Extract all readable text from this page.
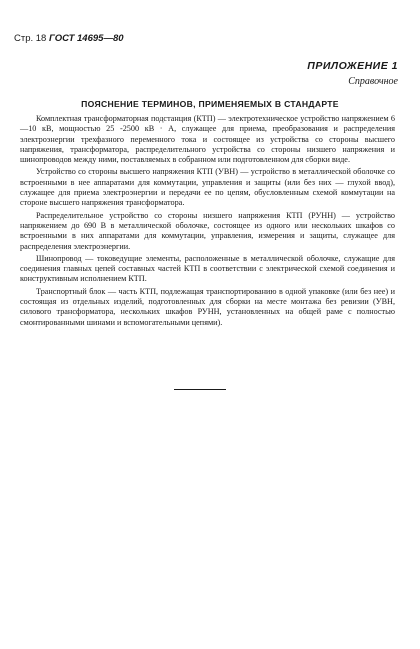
Стр. 18 ГОСТ 14695—80
ПРИЛОЖЕНИЕ 1
Справочное
ПОЯСНЕНИЕ ТЕРМИНОВ, ПРИМЕНЯЕМЫХ В СТАНДАРТЕ

Комплектная трансформаторная подстанция (КТП) — электротехническое устройство напряжением 6—10 кВ, мощностью 25 -2500 кВ · А, служащее для приема, преобразования и распределения электроэнергии трехфазного переменного тока и состоящее из устройства со стороны высшего напряжения, трансформатора, распределительного устройства со стороны низшего напряжения и шинопроводов между ними, поставляемых в собранном или подготовленном для сборки виде.

Устройство со стороны высшего напряжения КТП (УВН) — устройство в металлической оболочке со встроенными в нее аппаратами для коммутации, управления и защиты (или без них — глухой ввод), служащее для приема электроэнергии и передачи ее по цепям, обусловленным схемой коммутации на стороне высшего напряжения трансформатора.

Распределительное устройство со стороны низшего напряжения КТП (РУНН) — устройство напряжением до 690 В в металлической оболочке, состоящее из одного или нескольких шкафов со встроенными в них аппаратами для коммутации, управления, измерения и защиты, служащее для распределения электроэнергии.

Шинопровод — токоведущие элементы, расположенные в металлической оболочке, служащие для соединения главных цепей составных частей КТП в соответствии с электрической схемой соединения и конструктивным исполнением КТП.

Транспортный блок — часть КТП, подлежащая транспортированию в одной упаковке (или без нее) и состоящая из отдельных изделий, подготовленных для сборки на месте монтажа без ревизии (УВН, силового трансформатора, нескольких шкафов РУНН, установленных на общей раме с полностью смонтированными шинами и вспомогательными цепями).
